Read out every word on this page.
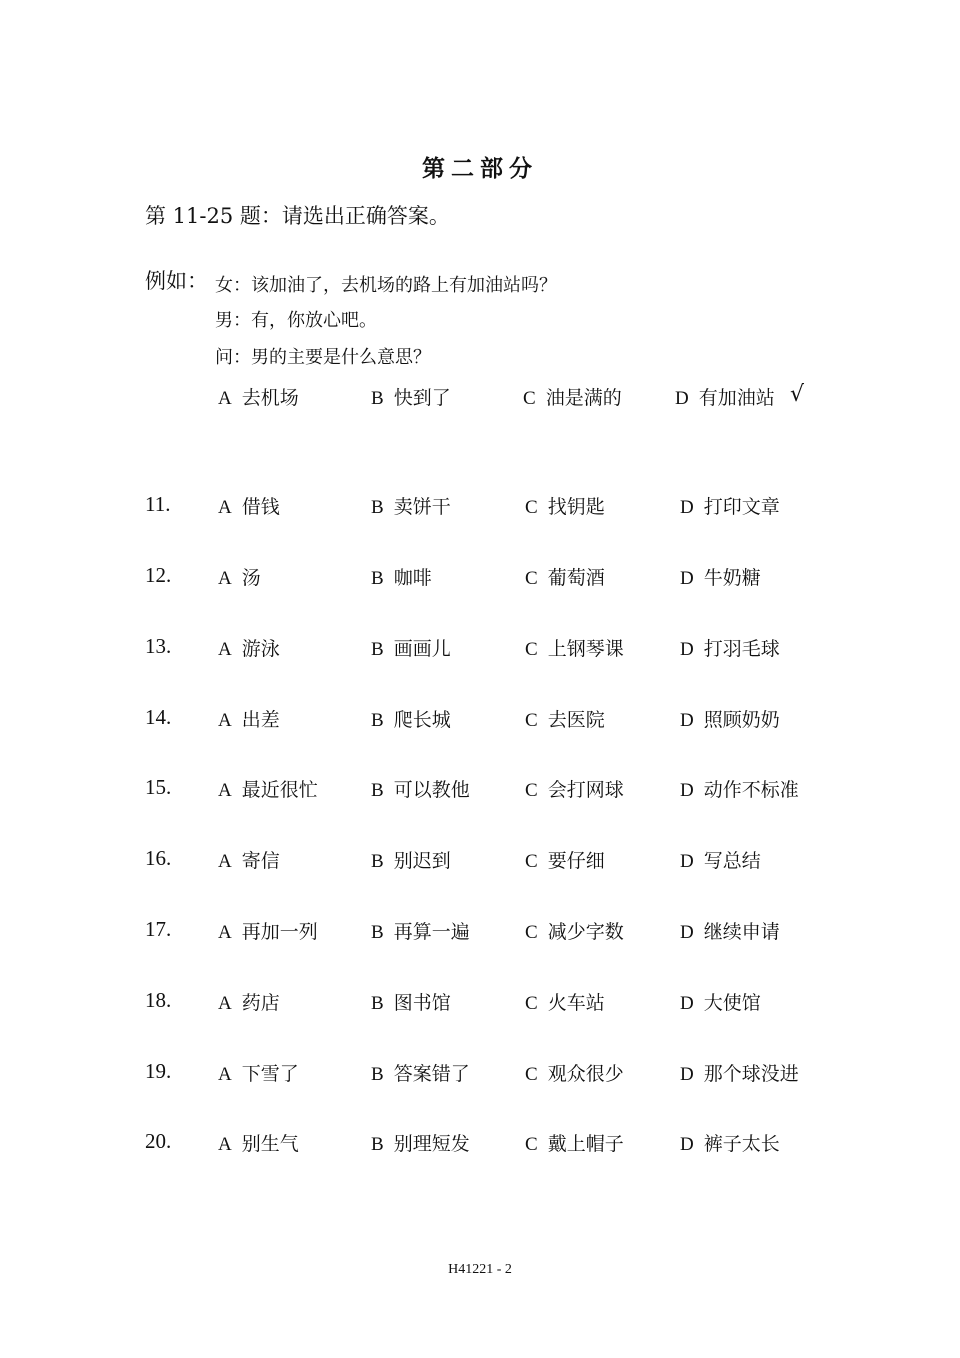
第二部分
第 11-25 题：请选出正确答案。
例如： 女：该加油了，去机场的路上有加油站吗？
男：有，你放心吧。
问：男的主要是什么意思？
A 去机场	B 快到了	C 油是满的	D 有加油站 √
11.	A 借钱	B 卖饼干	C 找钥匙	D 打印文章
12. A 汤	B 咖啡	C 葡萄酒	D 牛奶糖
13. A 游泳	B 画画儿	C 上钢琴课	D 打羽毛球
14. A 出差	B 爬长城	C 去医院	D 照顾奶奶
15. A 最近很忙	B 可以教他	C 会打网球	D 动作不标准
16. A 寄信	B 别迟到	C 要仔细	D 写总结
17. A 再加一列	B 再算一遍	C 减少字数	D 继续申请
18. A 药店	B 图书馆	C 火车站	D 大使馆
19. A 下雪了	B 答案错了	C 观众很少	D 那个球没进
20. A 别生气	B 别理短发	C 戴上帽子	D 裤子太长
H41221 - 2
